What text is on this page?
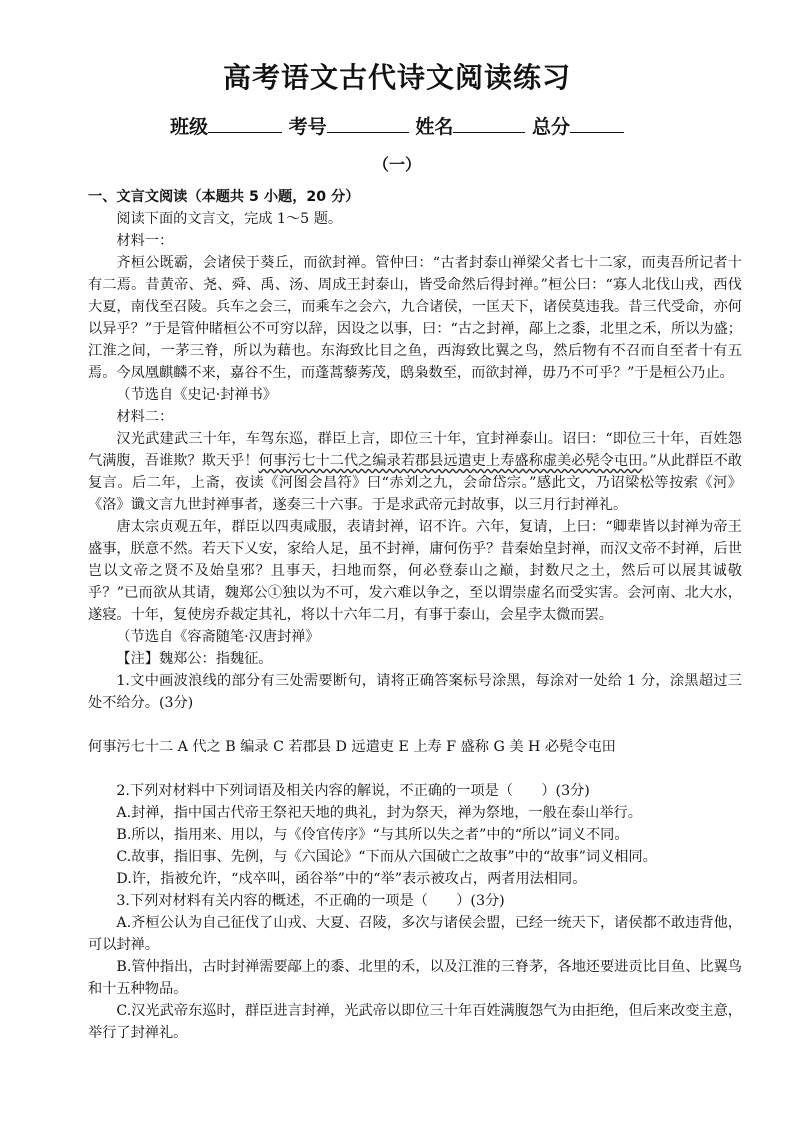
高考语文古代诗文阅读练习
班级	考号	姓名	总分
（一）

一、文言文阅读（本题共 5 小题，20 分）

阅读下面的文言文，完成 1～5 题。

材料一：

齐桓公既霸，会诸侯于葵丘，而欲封禅。管仲曰：“古者封泰山禅梁父者七十二家，而夷吾所记者十有二焉。昔黄帝、尧、舜、禹、汤、周成王封泰山，皆受命然后得封禅。”桓公曰：“寡人北伐山戎，西伐大夏，南伐至召陵。兵车之会三，而乘车之会六，九合诸侯，一匡天下，诸侯莫违我。昔三代受命，亦何以异乎？”于是管仲睹桓公不可穷以辞，因设之以事，曰：“古之封禅，鄗上之黍，北里之禾，所以为盛；江淮之间，一茅三脊，所以为藉也。东海致比目之鱼，西海致比翼之鸟，然后物有不召而自至者十有五焉。今凤凰麒麟不来，嘉谷不生，而蓬蒿藜莠茂，鸱枭数至，而欲封禅，毋乃不可乎？”于是桓公乃止。

（节选自《史记·封禅书》

材料二：

汉光武建武三十年，车驾东巡，群臣上言，即位三十年，宜封禅泰山。诏曰：“即位三十年，百姓怨气满腹，吾谁欺？欺天乎！何事污七十二代之编录若郡县远遣吏上寿盛称虚美必髡令屯田。”从此群臣不敢复言。后二年，上斋，夜读《河图会昌符》曰“赤刘之九，会命岱宗。”感此文，乃诏梁松等按索《河》《洛》谶文言九世封禅事者，遂奏三十六事。于是求武帝元封故事，以三月行封禅礼。

唐太宗贞观五年，群臣以四夷咸服，表请封禅，诏不许。六年，复请，上曰：“卿辈皆以封禅为帝王盛事，朕意不然。若天下乂安，家给人足，虽不封禅，庸何伤乎？昔秦始皇封禅，而汉文帝不封禅，后世岂以文帝之贤不及始皇邪？且事天，扫地而祭，何必登泰山之巅，封数尺之土，然后可以展其诚敬乎？”已而欲从其请，魏郑公①独以为不可，发六难以争之，至以谓崇虚名而受实害。会河南、北大水，遂寝。十年，复使房乔裁定其礼，将以十六年二月，有事于泰山，会星孛太微而罢。

（节选自《容斋随笔·汉唐封禅》

【注】魏郑公：指魏征。

1.文中画波浪线的部分有三处需要断句，请将正确答案标号涂黑，每涂对一处给 1 分，涂黑超过三处不给分。(3分)

何事污七十二 A 代之 B 编录 C 若郡县 D 远遣吏 E 上寿 F 盛称 G 美 H 必髡令屯田

2.下列对材料中下列词语及相关内容的解说，不正确的一项是（　　）(3分)

A.封禅，指中国古代帝王祭祀天地的典礼，封为祭天，禅为祭地，一般在泰山举行。

B.所以，指用来、用以，与《伶官传序》“与其所以失之者”中的“所以”词义不同。

C.故事，指旧事、先例，与《六国论》“下而从六国破亡之故事”中的“故事”词义相同。

D.许，指被允许，“戍卒叫，函谷举”中的“举”表示被攻占，两者用法相同。

3.下列对材料有关内容的概述，不正确的一项是（　　）(3分)

A.齐桓公认为自己征伐了山戎、大夏、召陵，多次与诸侯会盟，已经一统天下，诸侯都不敢违背他，可以封禅。

B.管仲指出，古时封禅需要鄗上的黍、北里的禾，以及江淮的三脊茅，各地还要进贡比目鱼、比翼鸟和十五种物品。

C.汉光武帝东巡时，群臣进言封禅，光武帝以即位三十年百姓满腹怨气为由拒绝，但后来改变主意，举行了封禅礼。
